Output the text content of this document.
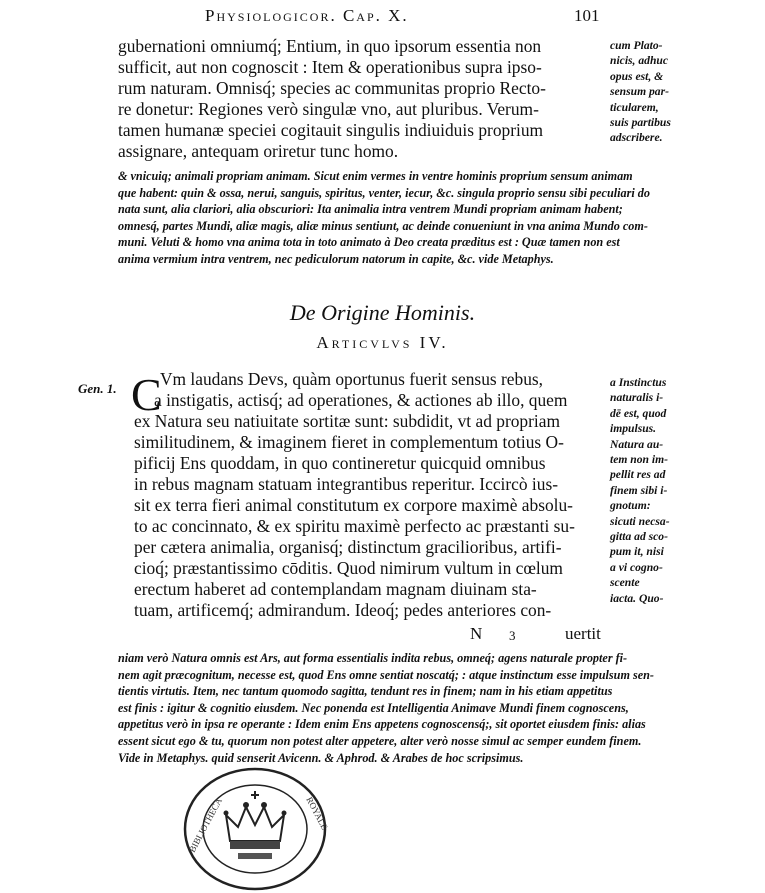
Physiologicor. Cap. X.	101
gubernationi omniumq́; Entium, in quo ipsorum essentia non
sufficit, aut non cognoscit : Item & operationibus supra ipso-
rum naturam. Omnisq́; species ac communitas proprio Recto-
re donetur: Regiones verò singulæ vno, aut pluribus. Verum-
tamen humanæ speciei cogitauit singulis indiuiduis proprium
assignare, antequam oriretur tunc homo.
cum Plato-
nicis, adhuc
opus est, &
sensum par-
ticularem,
suis partibus
adscribere.
& vnicuiq; animali propriam animam. Sicut enim vermes in ventre hominis proprium sensum animam
que habent: quin & ossa, nerui, sanguis, spiritus, venter, iecur, &c. singula proprio sensu sibi peculiari do
nata sunt, alia clariori, alia obscuriori: Ita animalia intra ventrem Mundi propriam animam habent;
omnesq́, partes Mundi, aliæ magis, aliæ minus sentiunt, ac deinde conueniunt in vna anima Mundo com-
muni. Veluti & homo vna anima tota in toto animato à Deo creata præditus est : Quæ tamen non est
anima vermium intra ventrem, nec pediculorum natorum in capite, &c. vide Metaphys.
De Origine Hominis.
Articvlvs IV.
Gen. 1. C
Vm laudans Devs, quàm oportunus fuerit sensus rebus,
a instigatis, actisq́; ad operationes, & actiones ab illo, quem
ex Natura seu natiuitate sortitæ sunt: subdidit, vt ad propriam
similitudinem, & imaginem fieret in complementum totius O-
pificij Ens quoddam, in quo contineretur quicquid omnibus
in rebus magnam statuam integrantibus reperitur. Iccircò ius-
sit ex terra fieri animal constitutum ex corpore maximè absolu-
to ac concinnato, & ex spiritu maximè perfecto ac præstanti su-
per cætera animalia, organisq́; distinctum gracilioribus, artifi-
cioq́; præstantissimo cōditis. Quod nimirum vultum in cœlum
erectum haberet ad contemplandam magnam diuinam sta-
tuam, artificemq́; admirandum. Ideoq́; pedes anteriores con-
N 3	uertit
a Instinctus
naturalis i-
dē est, quod
impulsus.
Natura au-
tem non im-
pellit res ad
finem sibi i-
gnotum:
sicuti necsa-
gitta ad sco-
pum it, nisi
a vi cogno-
scente
iacta. Quo-
niam verò Natura omnis est Ars, aut forma essentialis indita rebus, omneq́; agens naturale propter fi-
nem agit præcognitum, necesse est, quod Ens omne sentiat noscatq́; : atque instinctum esse impulsum sen-
tientis virtutis. Item, nec tantum quomodo sagitta, tendunt res in finem; nam in his etiam appetitus
est finis : igitur & cognitio eiusdem. Nec ponenda est Intelligentia Animave Mundi finem cognoscens,
appetitus verò in ipsa re operante : Idem enim Ens appetens cognoscensq́;, sit oportet eiusdem finis: alias
essent sicut ego & tu, quorum non potest alter appetere, alter verò nosse simul ac semper eundem finem.
Vide in Metaphys. quid senserit Avicenn. & Aphrod. & Arabes de hoc scripsimus.
BIBLIOTHECA	ROYALE
